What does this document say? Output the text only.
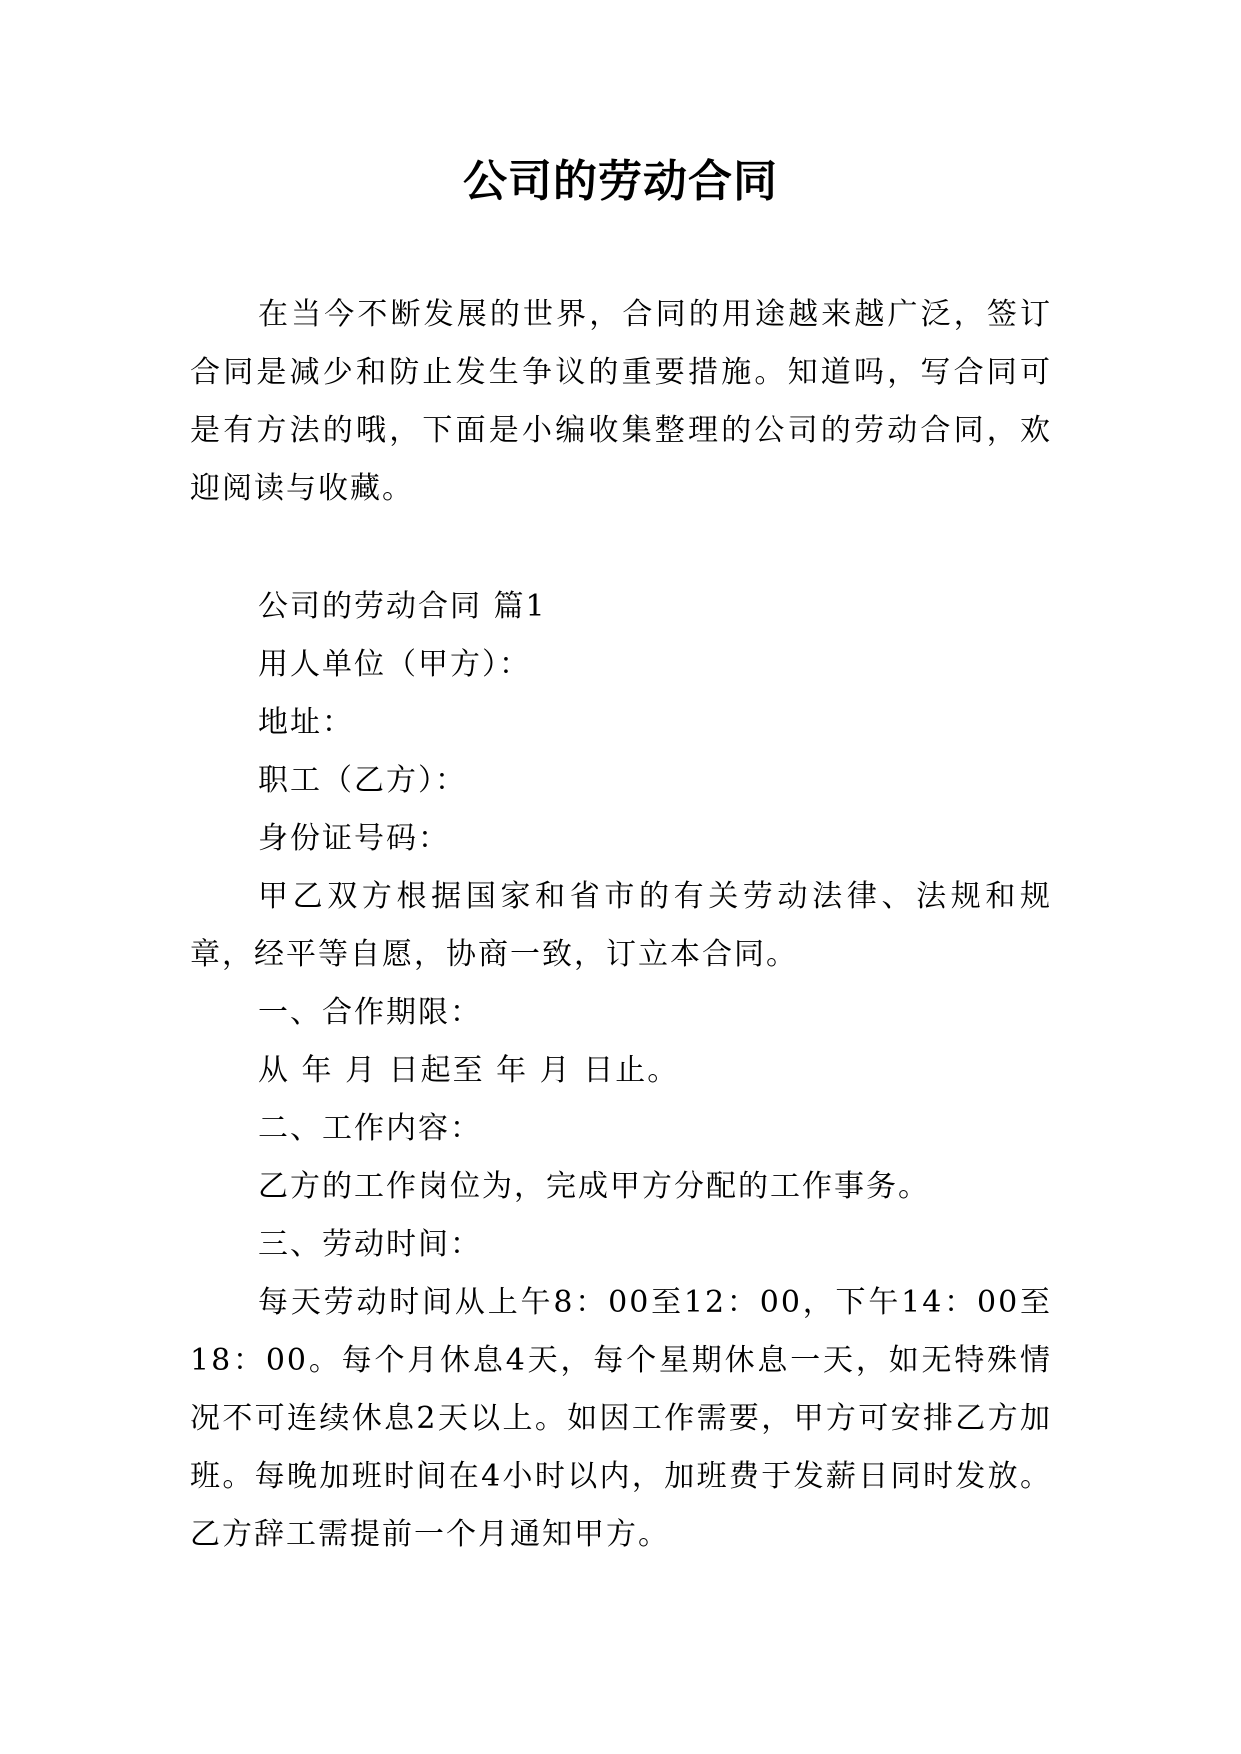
公司的劳动合同

在当今不断发展的世界，合同的用途越来越广泛，签订合同是减少和防止发生争议的重要措施。知道吗，写合同可是有方法的哦，下面是小编收集整理的公司的劳动合同，欢迎阅读与收藏。

公司的劳动合同 篇1

用人单位（甲方）：

地址：

职工（乙方）：

身份证号码：

甲乙双方根据国家和省市的有关劳动法律、法规和规章，经平等自愿，协商一致，订立本合同。

一、合作期限：

从 年 月 日起至 年 月 日止。

二、工作内容：

乙方的工作岗位为，完成甲方分配的工作事务。

三、劳动时间：

每天劳动时间从上午8：00至12：00，下午14：00至18：00。每个月休息4天，每个星期休息一天，如无特殊情况不可连续休息2天以上。如因工作需要，甲方可安排乙方加班。每晚加班时间在4小时以内，加班费于发薪日同时发放。乙方辞工需提前一个月通知甲方。
